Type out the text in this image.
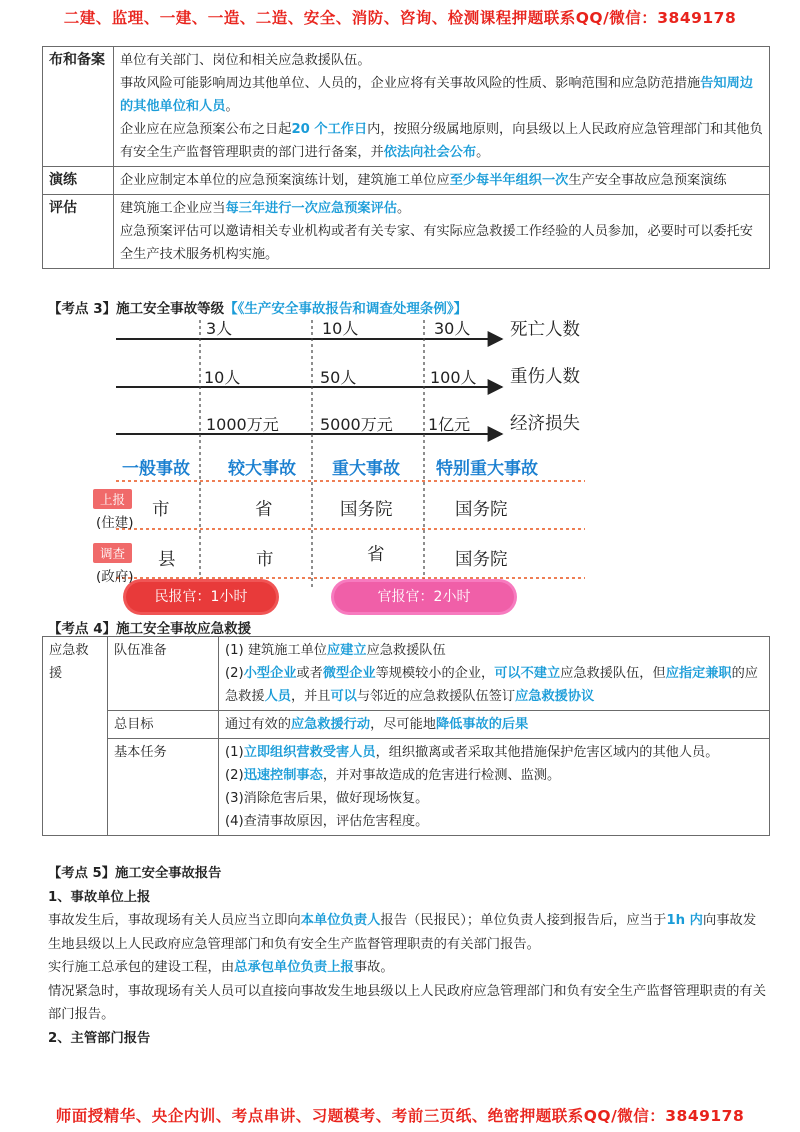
二建、监理、一建、一造、二造、安全、消防、咨询、检测课程押题联系QQ/微信：3849178
布和备案	单位有关部门、岗位和相关应急救援队伍。
事故风险可能影响周边其他单位、人员的，企业应将有关事故风险的性质、影响范围和应急防范措施告知周边的其他单位和人员。
企业应在应急预案公布之日起20 个工作日内，按照分级属地原则，向县级以上人民政府应急管理部门和其他负有安全生产监督管理职责的部门进行备案，并依法向社会公布。

演练	企业应制定本单位的应急预案演练计划，建筑施工单位应至少每半年组织一次生产安全事故应急预案演练
评估	建筑施工企业应当每三年进行一次应急预案评估。
应急预案评估可以邀请相关专业机构或者有关专家、有实际应急救援工作经验的人员参加，必要时可以委托安全生产技术服务机构实施。
【考点 3】施工安全事故等级【《生产安全事故报告和调查处理条例》】
3人	10人	30人 死亡人数
10人	50人	100人 重伤人数
1000万元	5000万元 1亿元 经济损失
一般事故 较大事故 重大事故 特别重大事故
上报
(住建)
市	省	国务院	国务院
调查
(政府)
县	市	省	国务院
民报官：1小时	官报官：2小时
【考点 4】施工安全事故应急救援
应急救援	队伍准备	(1) 建筑施工单位应建立应急救援队伍
(2)小型企业或者微型企业等规模较小的企业，可以不建立应急救援队伍，但应指定兼职的应急救援人员，并且可以与邻近的应急救援队伍签订应急救援协议

	总目标	通过有效的应急救援行动，尽可能地降低事故的后果
	基本任务	(1)立即组织营救受害人员，组织撤离或者采取其他措施保护危害区域内的其他人员。
(2)迅速控制事态，并对事故造成的危害进行检测、监测。
(3)消除危害后果，做好现场恢复。
(4)查清事故原因，评估危害程度。

【考点 5】施工安全事故报告

1、事故单位上报

事故发生后，事故现场有关人员应当立即向本单位负责人报告（民报民）；单位负责人接到报告后，应当于1h 内向事故发生地县级以上人民政府应急管理部门和负有安全生产监督管理职责的有关部门报告。

实行施工总承包的建设工程，由总承包单位负责上报事故。

情况紧急时，事故现场有关人员可以直接向事故发生地县级以上人民政府应急管理部门和负有安全生产监督管理职责的有关部门报告。

2、主管部门报告

师面授精华、央企内训、考点串讲、习题模考、考前三页纸、绝密押题联系QQ/微信：3849178
